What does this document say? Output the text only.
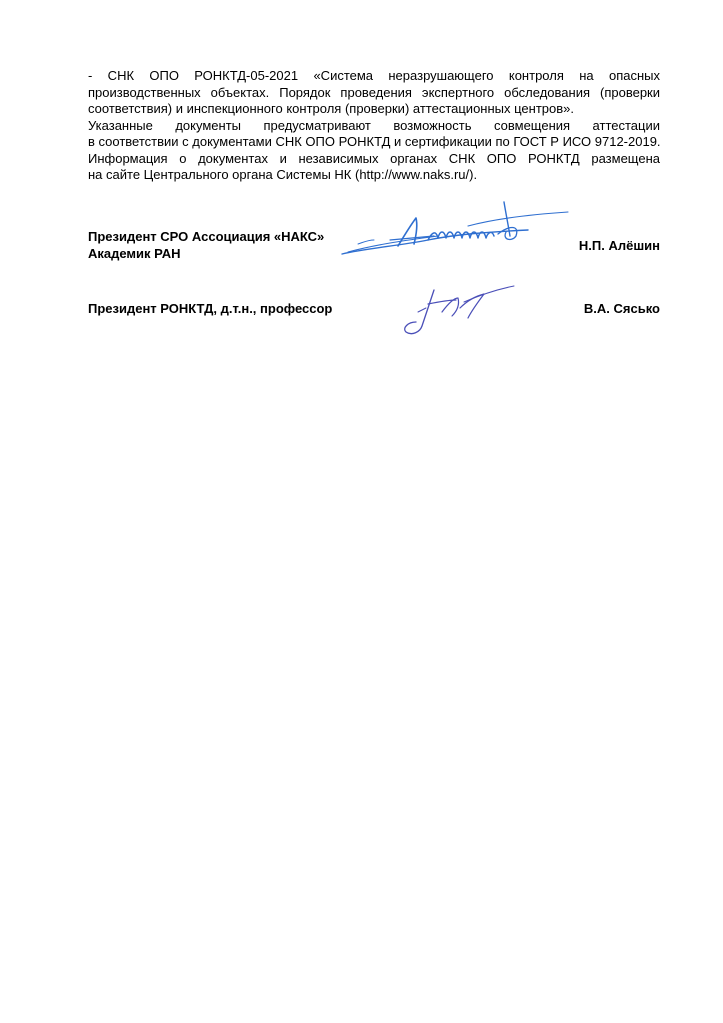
- СНК ОПО РОНКТД-05-2021 «Система неразрушающего контроля на опасных
производственных объектах. Порядок проведения экспертного обследования (проверки
соответствия) и инспекционного контроля (проверки) аттестационных центров».
Указанные документы предусматривают возможность совмещения аттестации
в соответствии с документами СНК ОПО РОНКТД и сертификации по ГОСТ Р ИСО 9712-2019.
Информация о документах и независимых органах СНК ОПО РОНКТД размещена
на сайте Центрального органа Системы НК (http://www.naks.ru/).
Президент СРО Ассоциация «НАКС»
Академик РАН
Н.П. Алёшин
Президент РОНКТД, д.т.н., профессор	В.А. Сясько
